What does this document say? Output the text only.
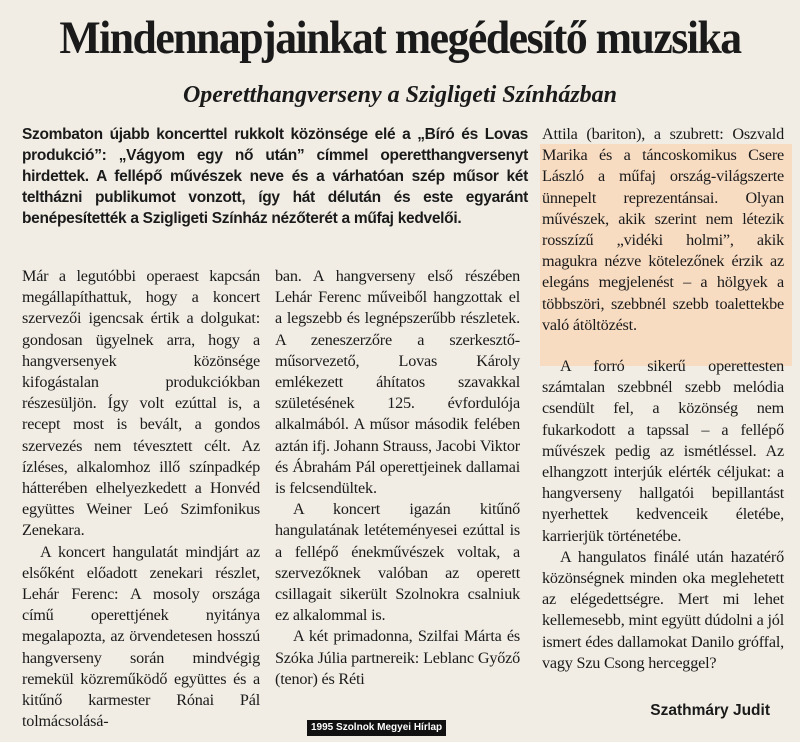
Mindennapjainkat megédesítő muzsika
Operetthangverseny a Szigligeti Színházban

Szombaton újabb koncerttel rukkolt közönsége elé a „Bíró és Lovas produkció”: „Vágyom egy nő után” címmel operetthangversenyt hirdettek. A fellépő művészek neve és a várhatóan szép műsor két teltházni publikumot vonzott, így hát délután és este egyaránt benépesítették a Szigligeti Színház nézőterét a műfaj kedvelői.

Már a legutóbbi operaest kapcsán megállapíthattuk, hogy a koncert szervezői igencsak értik a dolgukat: gondosan ügyelnek arra, hogy a hangversenyek közönsége kifogástalan produkciókban részesüljön. Így volt ezúttal is, a recept most is bevált, a gondos szervezés nem tévesztett célt. Az ízléses, alkalomhoz illő színpadkép hátterében elhelyezkedett a Honvéd együttes Weiner Leó Szimfonikus Zenekara.

A koncert hangulatát mindjárt az elsőként előadott zenekari részlet, Lehár Ferenc: A mosoly országa című operettjének nyitánya megalapozta, az örvendetesen hosszú hangverseny során mindvégig remekül közreműködő együttes és a kitűnő karmester Rónai Pál tolmácsolásá-

ban. A hangverseny első részében Lehár Ferenc műveiből hangzottak el a legszebb és legnépszerűbb részletek. A zeneszerzőre a szerkesztő-műsorvezető, Lovas Károly emlékezett áhítatos szavakkal születésének 125. évfordulója alkalmából. A műsor második felében aztán ifj. Johann Strauss, Jacobi Viktor és Ábrahám Pál operettjeinek dallamai is felcsendültek.

A koncert igazán kitűnő hangulatának letéteményesei ezúttal is a fellépő énekművészek voltak, a szervezőknek valóban az operett csillagait sikerült Szolnokra csalniuk ez alkalommal is.

A két primadonna, Szilfai Márta és Szóka Júlia partnereik: Leblanc Győző (tenor) és Réti

Attila (bariton), a szubrett: Oszvald Marika és a táncoskomikus Csere László a műfaj ország-világszerte ünnepelt reprezentánsai. Olyan művészek, akik szerint nem létezik rosszízű „vidéki holmi”, akik magukra nézve kötelezőnek érzik az elegáns megjelenést – a hölgyek a többszöri, szebbnél szebb toalettekbe való átöltözést.

A forró sikerű operettesten számtalan szebbnél szebb melódia csendült fel, a közönség nem fukarkodott a tapssal – a fellépő művészek pedig az ismétléssel. Az elhangzott interjúk elérték céljukat: a hangverseny hallgatói bepillantást nyerhettek kedvenceik életébe, karrierjük történetébe.

A hangulatos finálé után hazatérő közönségnek minden oka meglehetett az elégedettségre. Mert mi lehet kellemesebb, mint együtt dúdolni a jól ismert édes dallamokat Danilo gróffal, vagy Szu Csong herceggel?

Szathmáry Judit
1995 Szolnok Megyei Hírlap
